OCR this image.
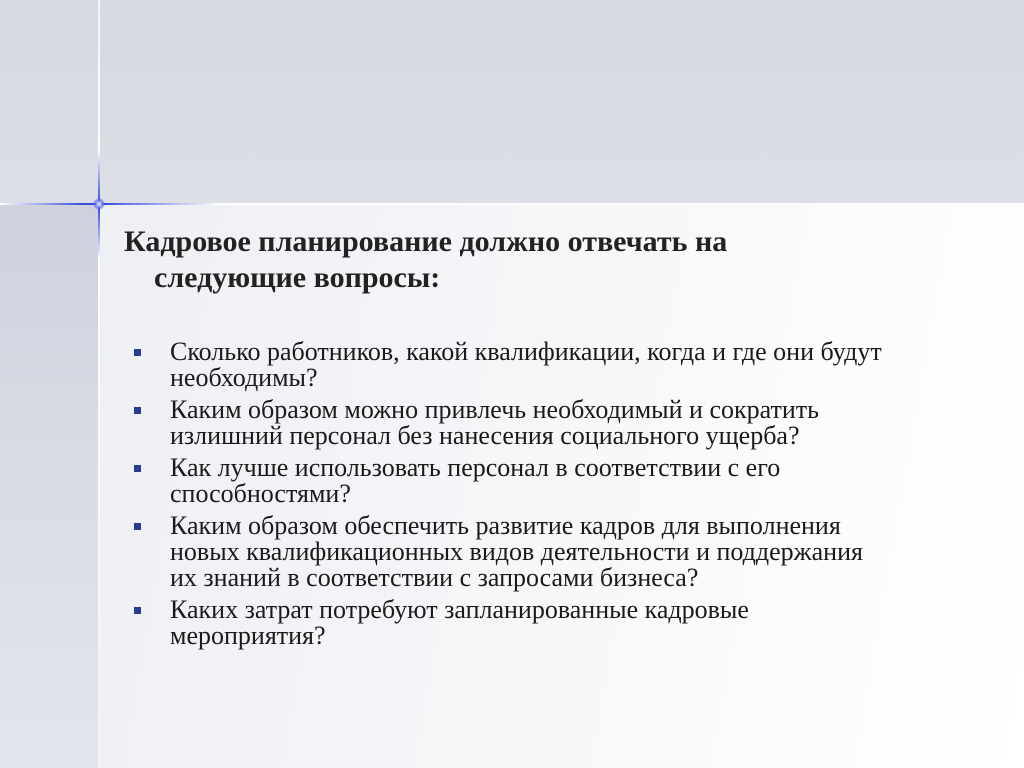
Кадровое планирование должно отвечать на
следующие вопросы:
Сколько работников, какой квалификации, когда и где они будут
необходимы?
Каким образом можно привлечь необходимый и сократить
излишний персонал без нанесения социального ущерба?
Как лучше использовать персонал в соответствии с его
способностями?
Каким образом обеспечить развитие кадров для выполнения
новых квалификационных видов деятельности и поддержания
их знаний в соответствии с запросами бизнеса?
Каких затрат потребуют запланированные кадровые
мероприятия?
